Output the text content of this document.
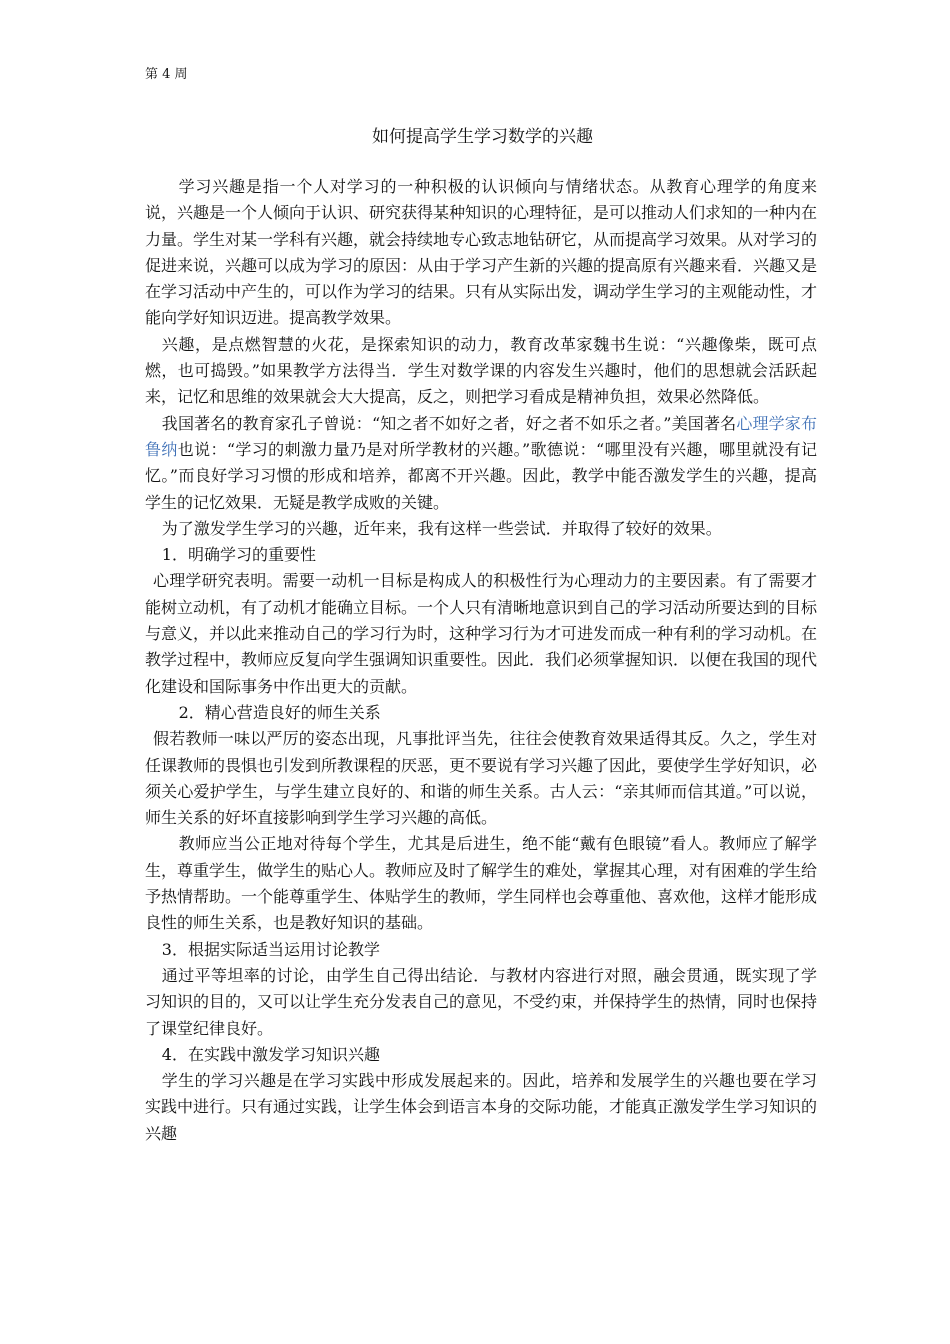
第 4 周
如何提高学生学习数学的兴趣

学习兴趣是指一个人对学习的一种积极的认识倾向与情绪状态。从教育心理学的角度来说，兴趣是一个人倾向于认识、研究获得某种知识的心理特征，是可以推动人们求知的一种内在力量。学生对某一学科有兴趣，就会持续地专心致志地钻研它，从而提高学习效果。从对学习的促进来说，兴趣可以成为学习的原因：从由于学习产生新的兴趣的提高原有兴趣来看．兴趣又是在学习活动中产生的，可以作为学习的结果。只有从实际出发，调动学生学习的主观能动性，才能向学好知识迈进。提高教学效果。

兴趣，是点燃智慧的火花，是探索知识的动力，教育改革家魏书生说：“兴趣像柴，既可点燃，也可捣毁。”如果教学方法得当．学生对数学课的内容发生兴趣时，他们的思想就会活跃起来，记忆和思维的效果就会大大提高，反之，则把学习看成是精神负担，效果必然降低。

我国著名的教育家孔子曾说：“知之者不如好之者，好之者不如乐之者。”美国著名心理学家布鲁纳也说：“学习的刺激力量乃是对所学教材的兴趣。”歌德说：“哪里没有兴趣，哪里就没有记忆。”而良好学习习惯的形成和培养，都离不开兴趣。因此，教学中能否激发学生的兴趣，提高学生的记忆效果．无疑是教学成败的关键。

为了激发学生学习的兴趣，近年来，我有这样一些尝试．并取得了较好的效果。

1．明确学习的重要性

心理学研究表明。需要一动机一目标是构成人的积极性行为心理动力的主要因素。有了需要才能树立动机，有了动机才能确立目标。一个人只有清晰地意识到自己的学习活动所要达到的目标与意义，并以此来推动自己的学习行为时，这种学习行为才可进发而成一种有利的学习动机。在教学过程中，教师应反复向学生强调知识重要性。因此．我们必须掌握知识．以便在我国的现代化建设和国际事务中作出更大的贡献。

2．精心营造良好的师生关系

假若教师一味以严厉的姿态出现，凡事批评当先，往往会使教育效果适得其反。久之，学生对任课教师的畏惧也引发到所教课程的厌恶，更不要说有学习兴趣了因此，要使学生学好知识，必须关心爱护学生，与学生建立良好的、和谐的师生关系。古人云：“亲其师而信其道。”可以说，师生关系的好坏直接影响到学生学习兴趣的高低。

教师应当公正地对待每个学生，尤其是后进生，绝不能“戴有色眼镜”看人。教师应了解学生，尊重学生，做学生的贴心人。教师应及时了解学生的难处，掌握其心理，对有困难的学生给予热情帮助。一个能尊重学生、体贴学生的教师，学生同样也会尊重他、喜欢他，这样才能形成良性的师生关系，也是教好知识的基础。

3．根据实际适当运用讨论教学

通过平等坦率的讨论，由学生自己得出结论．与教材内容进行对照，融会贯通，既实现了学习知识的目的，又可以让学生充分发表自己的意见，不受约束，并保持学生的热情，同时也保持了课堂纪律良好。

4．在实践中激发学习知识兴趣

学生的学习兴趣是在学习实践中形成发展起来的。因此，培养和发展学生的兴趣也要在学习实践中进行。只有通过实践，让学生体会到语言本身的交际功能，才能真正激发学生学习知识的兴趣
